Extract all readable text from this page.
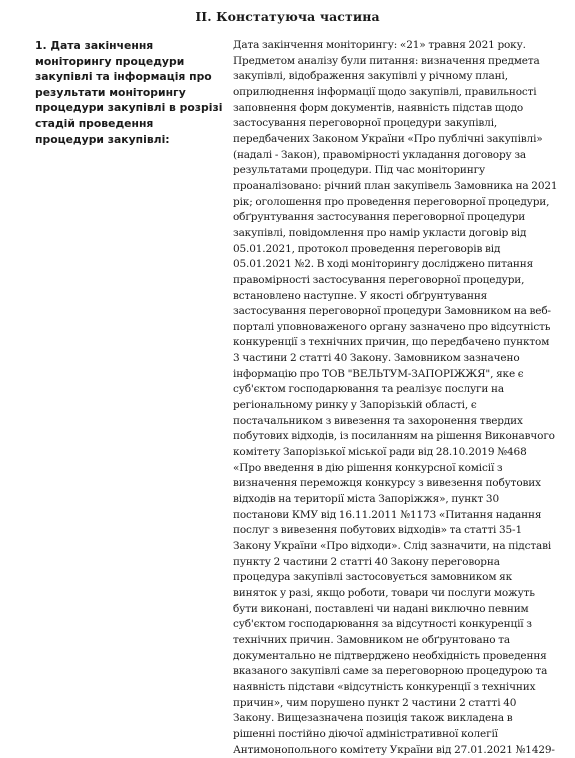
II. Констатуюча частина
1. Дата закінчення моніторингу процедури закупівлі та інформація про результати моніторингу процедури закупівлі в розрізі стадій проведення процедури закупівлі:
Дата закінчення моніторингу: «21» травня 2021 року.
Предметом аналізу були питання: визначення предмета
закупівлі, відображення закупівлі у річному плані,
оприлюднення інформації щодо закупівлі, правильності
заповнення форм документів, наявність підстав щодо
застосування переговорної процедури закупівлі,
передбачених Законом України «Про публічні закупівлі»
(надалі - Закон), правомірності укладання договору за
результатами процедури. Під час моніторингу
проаналізовано: річний план закупівель Замовника на 2021
рік; оголошення про проведення переговорної процедури,
обґрунтування застосування переговорної процедури
закупівлі, повідомлення про намір укласти договір від
05.01.2021, протокол проведення переговорів від
05.01.2021 №2. В ході моніторингу досліджено питання
правомірності застосування переговорної процедури,
встановлено наступне. У якості обґрунтування
застосування переговорної процедури Замовником на веб-
порталі уповноваженого органу зазначено про відсутність
конкуренції з технічних причин, що передбачено пунктом
3 частини 2 статті 40 Закону. Замовником зазначено
інформацію про ТОВ "ВЕЛЬТУМ-ЗАПОРІЖЖЯ", яке є
суб'єктом господарювання та реалізує послуги на
регіональному ринку у Запорізькій області, є
постачальником з вивезення та захоронення твердих
побутових відходів, із посиланням на рішення Виконавчого
комітету Запорізької міської ради від 28.10.2019 №468
«Про введення в дію рішення конкурсної комісії з
визначення переможця конкурсу з вивезення побутових
відходів на території міста Запоріжжя», пункт 30
постанови КМУ від 16.11.2011 №1173 «Питання надання
послуг з вивезення побутових відходів» та статті 35-1
Закону України «Про відходи». Слід зазначити, на підставі
пункту 2 частини 2 статті 40 Закону переговорна
процедура закупівлі застосовується замовником як
виняток у разі, якщо роботи, товари чи послуги можуть
бути виконані, поставлені чи надані виключно певним
суб'єктом господарювання за відсутності конкуренції з
технічних причин. Замовником не обґрунтовано та
документально не підтверджено необхідність проведення
вказаного закупівлі саме за переговорною процедурою та
наявність підстави «відсутність конкуренції з технічних
причин», чим порушено пункт 2 частини 2 статті 40
Закону. Вищезазначена позиція також викладена в
рішенні постійно діючої адміністративної колегії
Антимонопольного комітету України від 27.01.2021 №1429-
